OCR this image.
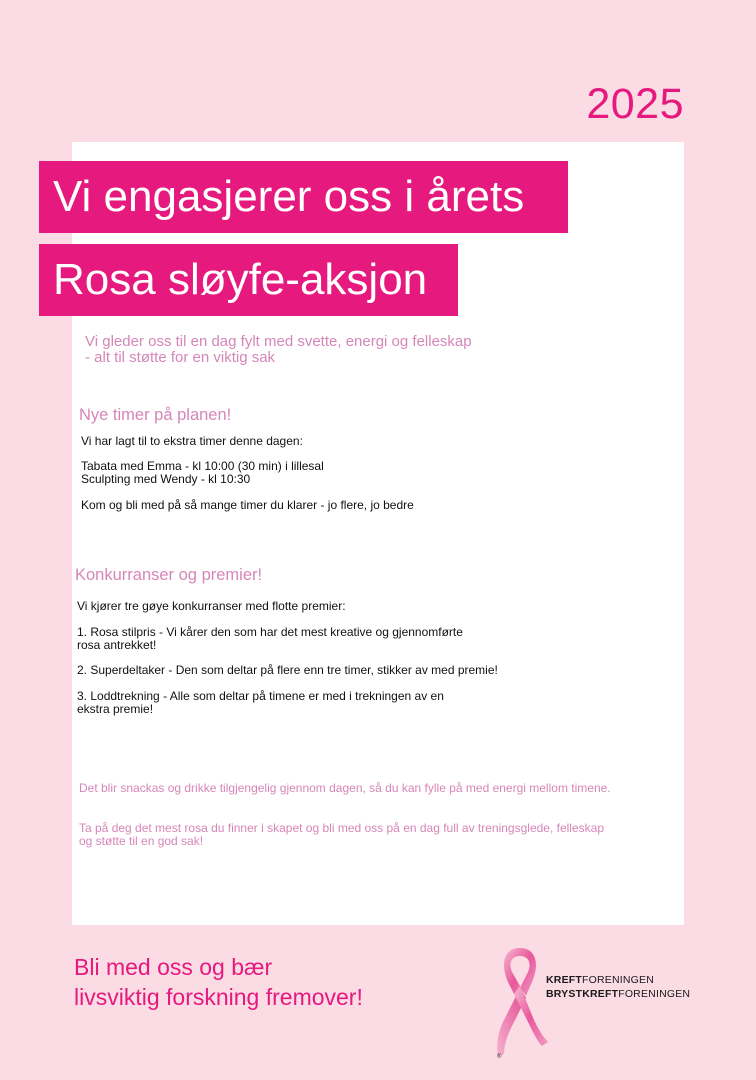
2025
Vi engasjerer oss i årets
Rosa sløyfe-aksjon
Vi gleder oss til en dag fylt med svette, energi og felleskap
- alt til støtte for en viktig sak
Nye timer på planen!
Vi har lagt til to ekstra timer denne dagen:
Tabata med Emma - kl 10:00 (30 min) i lillesal
Sculpting med Wendy - kl 10:30
Kom og bli med på så mange timer du klarer - jo flere, jo bedre
Konkurranser og premier!
Vi kjører tre gøye konkurranser med flotte premier:
1. Rosa stilpris - Vi kårer den som har det mest kreative og gjennomførte
rosa antrekket!
2. Superdeltaker - Den som deltar på flere enn tre timer, stikker av med premie!
3. Loddtrekning - Alle som deltar på timene er med i trekningen av en
ekstra premie!
Det blir snackas og drikke tilgjengelig gjennom dagen, så du kan fylle på med energi mellom timene.
Ta på deg det mest rosa du finner i skapet og bli med oss på en dag full av treningsglede, felleskap
og støtte til en god sak!
Bli med oss og bær
livsviktig forskning fremover!
KREFTFORENINGEN
BRYSTKREFTFORENINGEN
®
